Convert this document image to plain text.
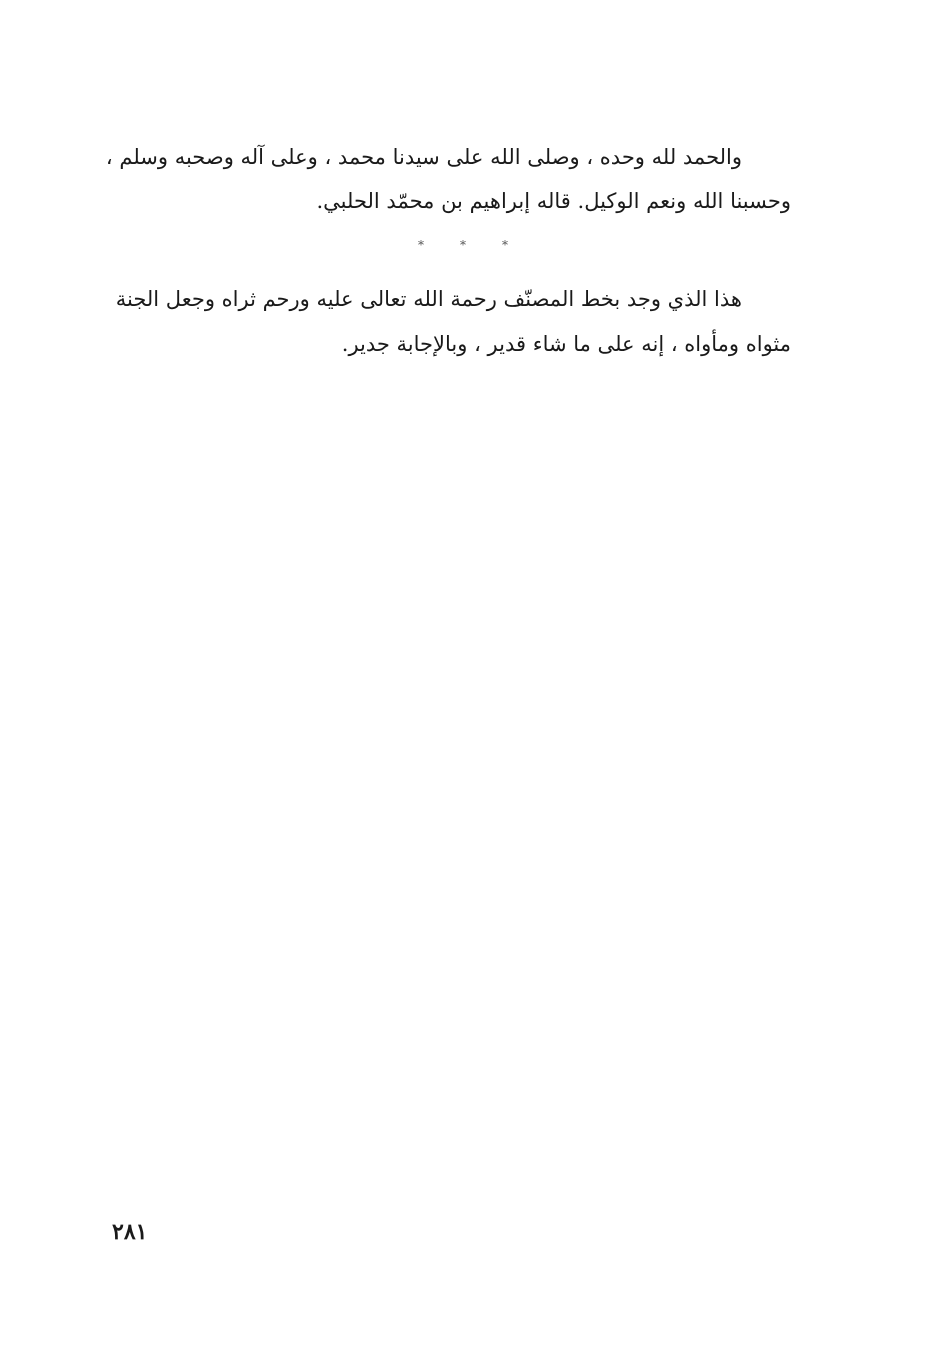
والحمد لله وحده ، وصلى الله على سيدنا محمد ، وعلى آله وصحبه وسلم ،
وحسبنا الله ونعم الوكيل. قاله إبراهيم بن محمّد الحلبي.
*	*	*
هذا الذي وجد بخط المصنّف رحمة الله تعالى عليه ورحم ثراه وجعل الجنة
مثواه ومأواه ، إنه على ما شاء قدير ، وبالإجابة جدير.
٢٨١
